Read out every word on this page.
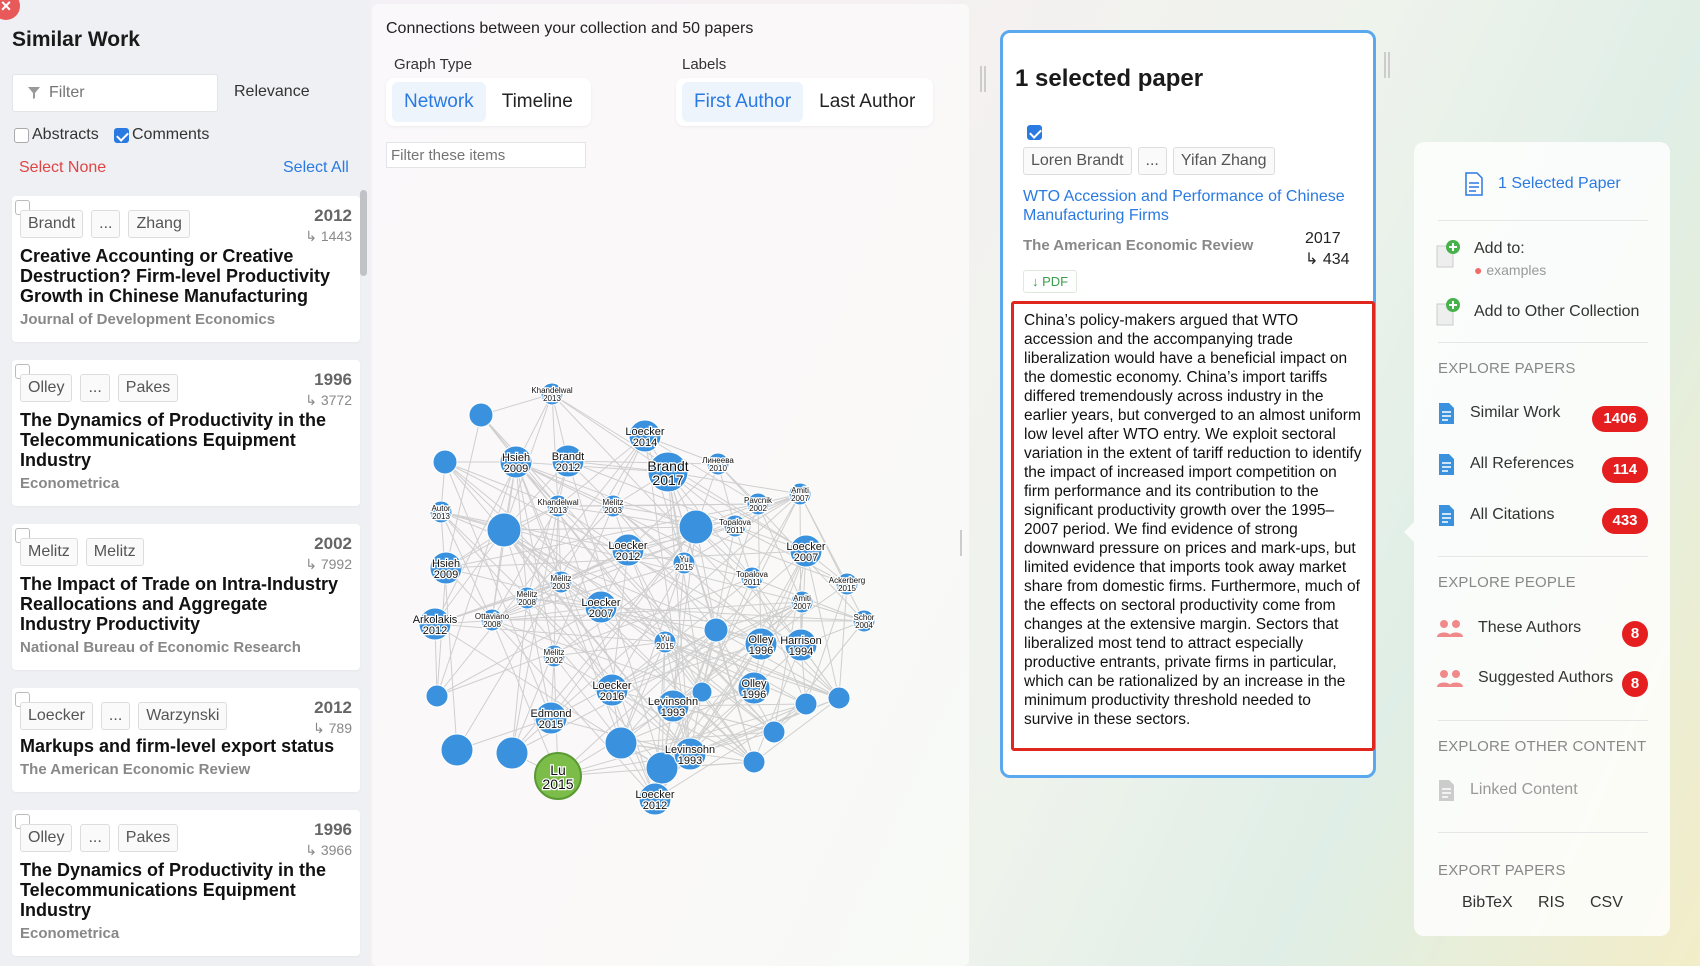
×
Similar Work
Filter
Relevance
Abstracts Comments
Select None	Select All
Brandt	...	Zhang	2012
↳ 1443
Creative Accounting or Creative Destruction? Firm-level Productivity Growth in Chinese Manufacturing
Journal of Development Economics
Olley	...	Pakes	1996
↳ 3772
The Dynamics of Productivity in the Telecommunications Equipment Industry
Econometrica
Melitz	Melitz	2002
↳ 7992
The Impact of Trade on Intra-Industry Reallocations and Aggregate Industry Productivity
National Bureau of Economic Research
Loecker	...	Warzynski	2012
↳ 789
Markups and firm-level export status
The American Economic Review
Olley	...	Pakes	1996
↳ 3966
The Dynamics of Productivity in the Telecommunications Equipment Industry
Econometrica
Connections between your collection and 50 papers
Graph Type	Labels
Network	Timeline	First Author	Last Author
Filter these items
Khandelwal 2013
Loecker 2014
Hsieh 2009
Brandt 2012	Brandt 2017
Линеева 2010
Autor 2013
Khandelwal 2013
Melitz 2003
Pavcnik 2002
Amiti 2007
Topalova 2011
Loecker 2012	Yu 2015
Loecker 2007
Hsieh 2009	Melitz 2003
Topalova 2011	Ackerberg 2015
Melitz 2008	Loecker 2007
Amiti 2007
Arkolakis 2012
Ottaviano 2008
Schor 2004
Yu 2015
Olley 1996
Harrison 1994
Melitz 2002
Loecker 2016
Olley 1996
Levinsohn 1993
Edmond 2015
Levinsohn 1993
Lu 2015
Loecker 2012
1 selected paper
Loren Brandt	...	Yifan Zhang
WTO Accession and Performance of Chinese Manufacturing Firms
The American Economic Review	2017
↳ 434
↓ PDF
China’s policy-makers argued that WTO accession and the accompanying trade liberalization would have a beneficial impact on the domestic economy. China’s import tariffs differed tremendously across industry in the earlier years, but converged to an almost uniform low level after WTO entry. We exploit sectoral variation in the extent of tariff reduction to identify the impact of increased import competition on firm performance and its contribution to the significant productivity growth over the 1995–2007 period. We find evidence of strong downward pressure on prices and mark-ups, but limited evidence that imports took away market share from domestic firms. Furthermore, much of the effects on sectoral productivity come from changes at the extensive margin. Sectors that liberalized most tend to attract especially productive entrants, private firms in particular, which can be rationalized by an increase in the minimum productivity threshold needed to survive in these sectors.
1 Selected Paper
Add to:
● examples
Add to Other Collection
EXPLORE PAPERS
Similar Work	1406
All References	114
All Citations	433
EXPLORE PEOPLE
These Authors	8
Suggested Authors	8
EXPLORE OTHER CONTENT
Linked Content
EXPORT PAPERS
BibTeX RIS CSV
